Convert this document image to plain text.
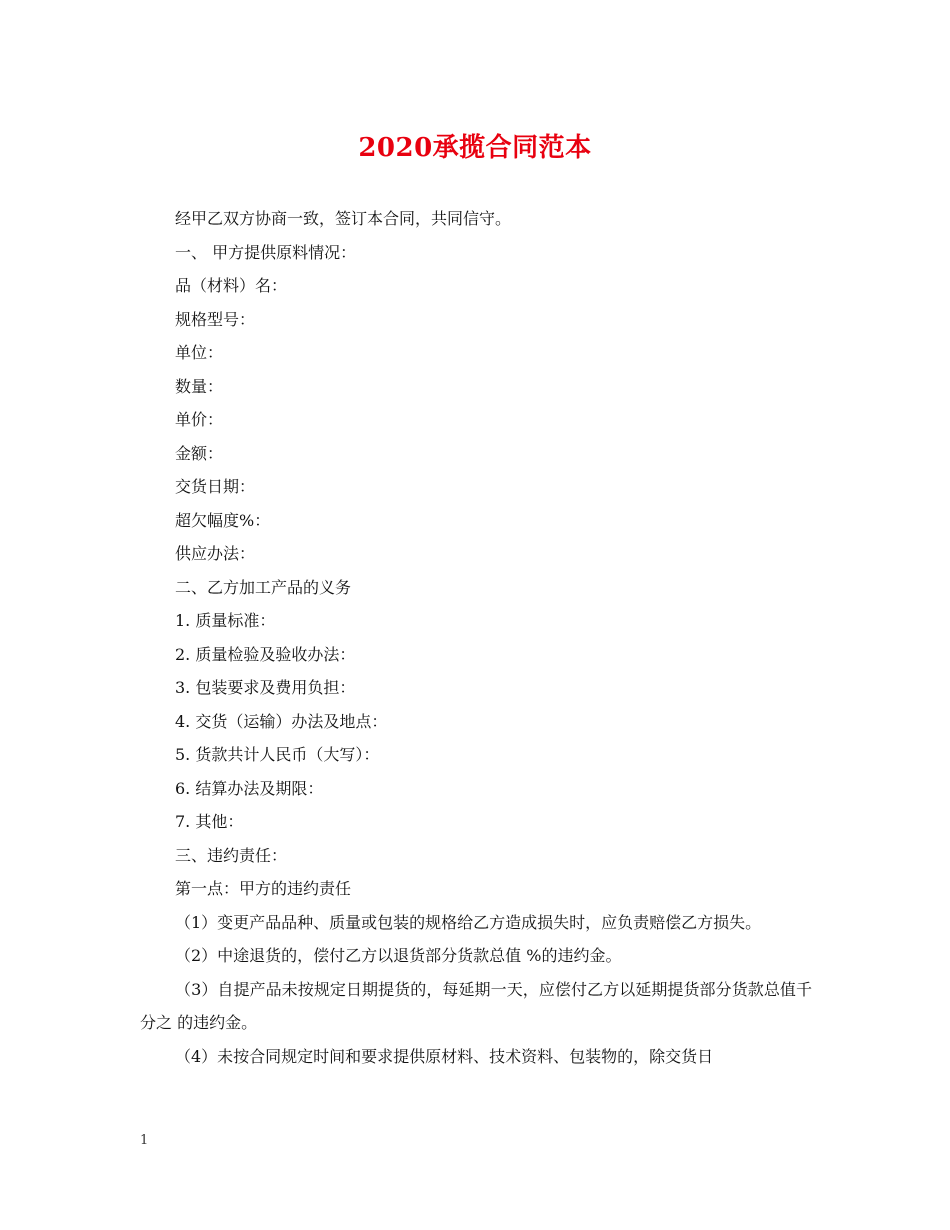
2020承揽合同范本
经甲乙双方协商一致，签订本合同，共同信守。
一、 甲方提供原料情况：
品（材料）名：
规格型号：
单位：
数量：
单价：
金额：
交货日期：
超欠幅度%：
供应办法：
二、乙方加工产品的义务
1. 质量标准：
2. 质量检验及验收办法：
3. 包装要求及费用负担：
4. 交货（运输）办法及地点：
5. 货款共计人民币（大写）：
6. 结算办法及期限：
7. 其他：
三、违约责任：
第一点：甲方的违约责任
（1）变更产品品种、质量或包装的规格给乙方造成损失时，应负责赔偿乙方损失。
（2）中途退货的，偿付乙方以退货部分货款总值 %的违约金。
（3）自提产品未按规定日期提货的，每延期一天，应偿付乙方以延期提货部分货款总值千分之 的违约金。
（4）未按合同规定时间和要求提供原材料、技术资料、包装物的，除交货日
1
